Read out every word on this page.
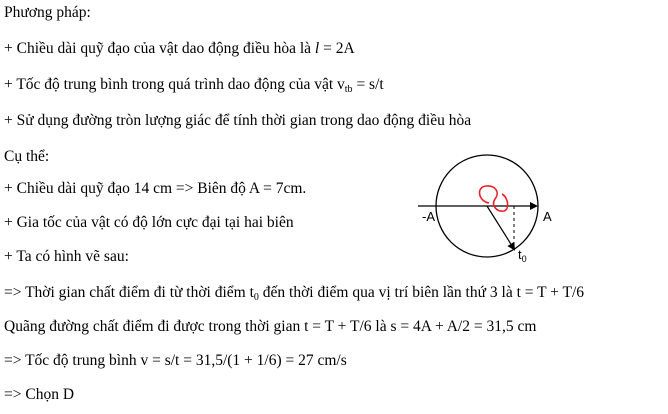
Phương pháp:
+ Chiều dài quỹ đạo của vật dao động điều hòa là l = 2A
+ Tốc độ trung bình trong quá trình dao động của vật $v_{tb} = s/t$
+ Sử dụng đường tròn lượng giác để tính thời gian trong dao động điều hòa
Cụ thể:
+ Chiều dài quỹ đạo 14 cm => Biên độ A = 7cm.
+ Gia tốc của vật có độ lớn cực đại tại hai biên
+ Ta có hình vẽ sau:
=> Thời gian chất điểm đi từ thời điểm $t_0$ đến thời điểm qua vị trí biên lần thứ 3 là t = T + T/6
Quãng đường chất điểm đi được trong thời gian t = T + T/6 là s = 4A + A/2 = 31,5 cm
=> Tốc độ trung bình v = s/t = 31,5/(1 + 1/6) = 27 cm/s
=> Chọn D
A
-A
$t_0$
